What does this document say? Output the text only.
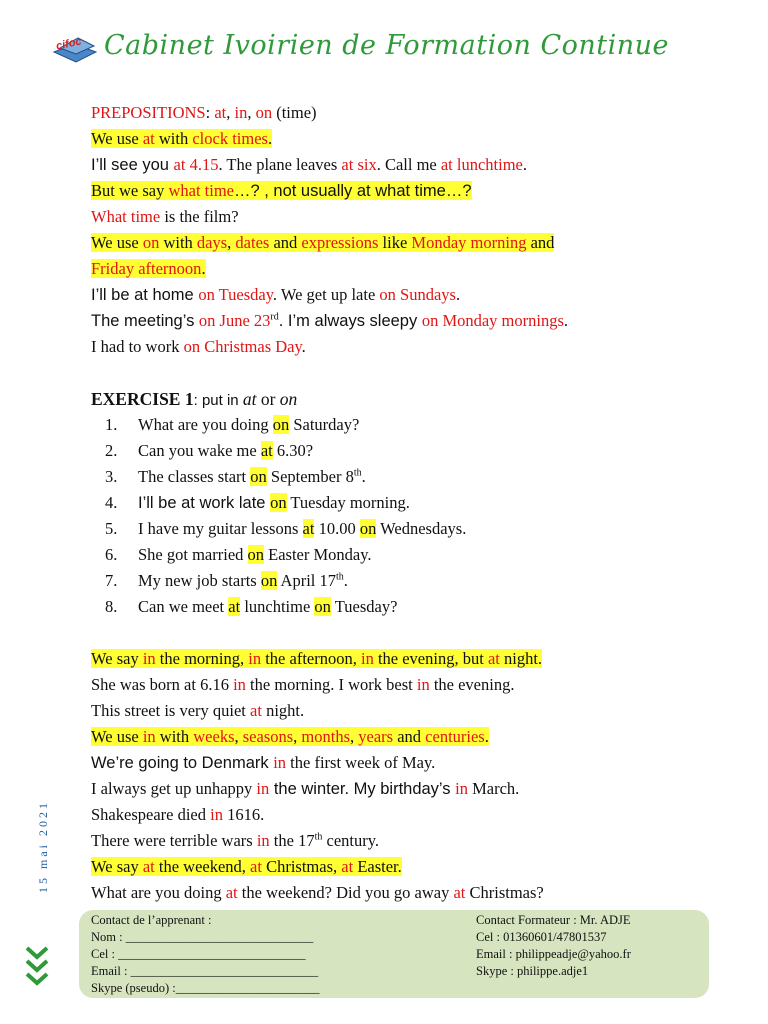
cifoc Cabinet Ivoirien de Formation Continue
PREPOSITIONS: at, in, on (time)
We use at with clock times.
I’ll see you at 4.15. The plane leaves at six. Call me at lunchtime.
But we say what time…? , not usually at what time…?
What time is the film?
We use on with days, dates and expressions like Monday morning and
Friday afternoon.
I’ll be at home on Tuesday. We get up late on Sundays.
The meeting’s on June 23rd. I’m always sleepy on Monday mornings.
I had to work on Christmas Day.
EXERCISE 1: put in at or on
1. What are you doing on Saturday?
2. Can you wake me at 6.30?
3. The classes start on September 8th.
4. I’ll be at work late on Tuesday morning.
5. I have my guitar lessons at 10.00 on Wednesdays.
6. She got married on Easter Monday.
7. My new job starts on April 17th.
8. Can we meet at lunchtime on Tuesday?
We say in the morning, in the afternoon, in the evening, but at night.
She was born at 6.16 in the morning. I work best in the evening.
This street is very quiet at night.
We use in with weeks, seasons, months, years and centuries.
We’re going to Denmark in the first week of May.
I always get up unhappy in the winter. My birthday’s in March.
Shakespeare died in 1616.
There were terrible wars in the 17th century.
We say at the weekend, at Christmas, at Easter.
What are you doing at the weekend? Did you go away at Christmas?
15 mai 2021
Contact de l’apprenant :
Nom : ______________________________
Cel : ______________________________
Email : ______________________________
Skype (pseudo) :_______________________
Contact Formateur : Mr. ADJE
Cel : 01360601/47801537
Email : philippeadje@yahoo.fr
Skype : philippe.adje1
